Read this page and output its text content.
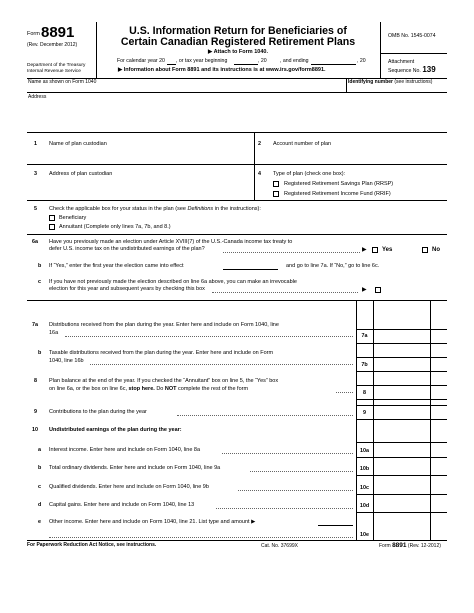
Form 8891
(Rev. December 2012)
Department of the Treasury
Internal Revenue Service
U.S. Information Return for Beneficiaries of
Certain Canadian Registered Retirement Plans
▶ Attach to Form 1040.
For calendar year 20 , or tax year beginning	, 20	, and ending	, 20
▶ Information about Form 8891 and its instructions is at www.irs.gov/form8891.
OMB No. 1545-0074
Attachment
Sequence No. 139
Name as shown on Form 1040	Identifying number (see instructions)
Address
1 Name of plan custodian	2 Account number of plan
3 Address of plan custodian	4 Type of plan (check one box):
Registered Retirement Savings Plan (RRSP)
Registered Retirement Income Fund (RRIF)
5 Check the applicable box for your status in the plan (see Definitions in the instructions):
Beneficiary
Annuitant (Complete only lines 7a, 7b, and 8.)
6a Have you previously made an election under Article XVIII(7) of the U.S.-Canada income tax treaty to
defer U.S. income tax on the undistributed earnings of the plan?	▶	Yes	No
b If “Yes,” enter the first year the election came into effect	and go to line 7a. If “No,” go to line 6c.
c If you have not previously made the election described on line 6a above, you can make an irrevocable
election for this year and subsequent years by checking this box	▶
7a Distributions received from the plan during the year. Enter here and include on Form 1040, line
16a	7a
b Taxable distributions received from the plan during the year. Enter here and include on Form
1040, line 16b
7b
8 Plan balance at the end of the year. If you checked the “Annuitant” box on line 5, the “Yes” box
on line 6a, or the box on line 6c, stop here. Do NOT complete the rest of the form
8
9 Contributions to the plan during the year	9
10 Undistributed earnings of the plan during the year:
a Interest income. Enter here and include on Form 1040, line 8a	10a
b Total ordinary dividends. Enter here and include on Form 1040, line 9a	10b
c Qualified dividends. Enter here and include on Form 1040, line 9b	10c
d Capital gains. Enter here and include on Form 1040, line 13	10d
e Other income. Enter here and include on Form 1040, line 21. List type and amount ▶
10e
For Paperwork Reduction Act Notice, see instructions.	Cat. No. 37699X	Form 8891 (Rev. 12-2012)
